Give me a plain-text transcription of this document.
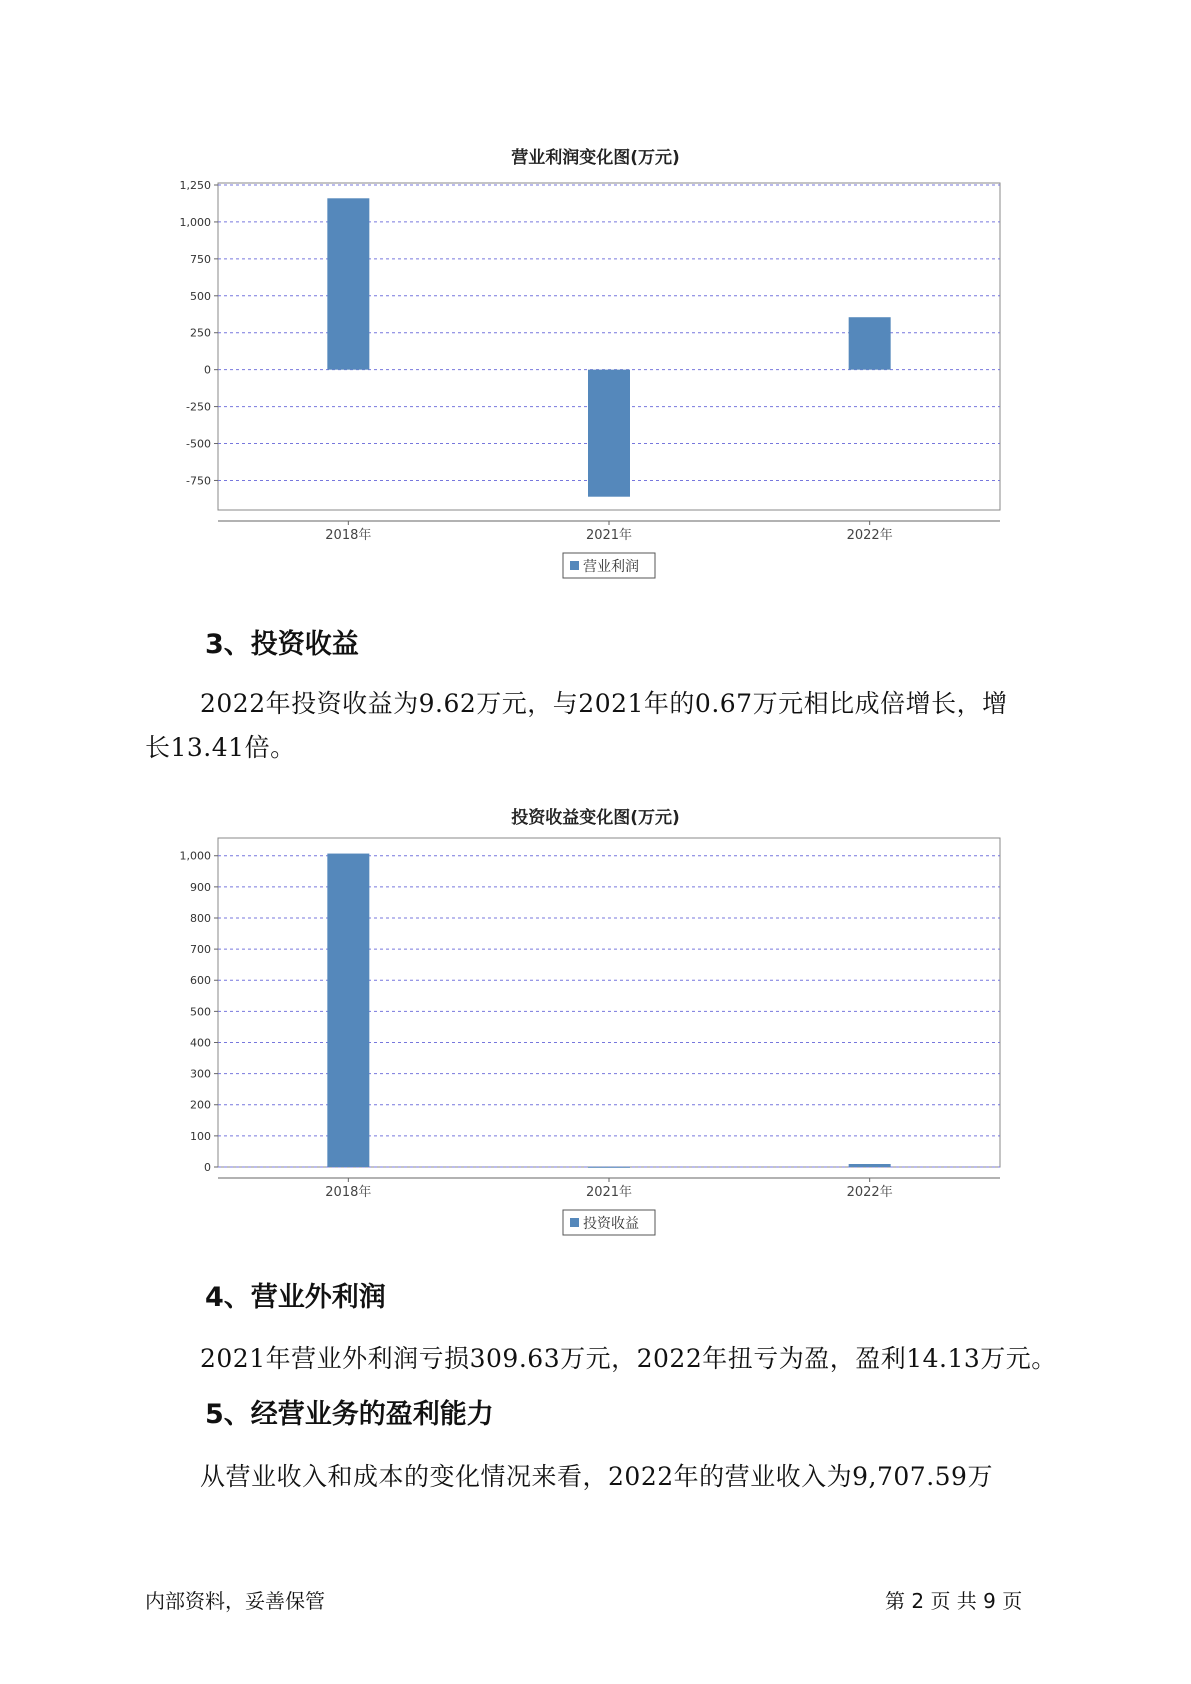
营业利润变化图(万元)
1,250
1,000
750
500
250
0
-250
-500
-750
2018年	2021年	2022年
营业利润
3、投资收益

2022年投资收益为9.62万元，与2021年的0.67万元相比成倍增长，增

长13.41倍。

投资收益变化图(万元)
1,000
900
800
700
600
500
400
300
200
100
0
2018年	2021年	2022年
投资收益
4、营业外利润

2021年营业外利润亏损309.63万元，2022年扭亏为盈，盈利14.13万元。

5、经营业务的盈利能力

从营业收入和成本的变化情况来看，2022年的营业收入为9,707.59万

内部资料，妥善保管	第 2 页 共 9 页
